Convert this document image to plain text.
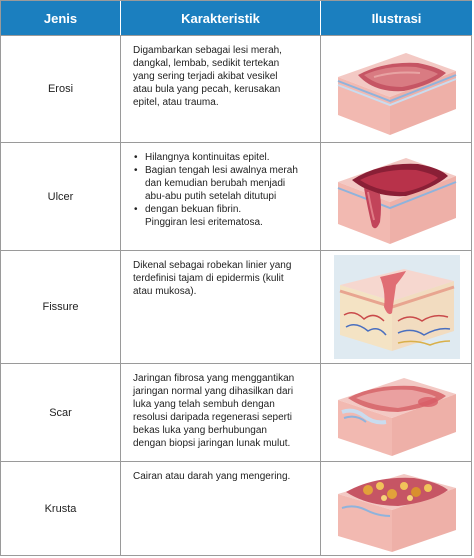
Jenis	Karakteristik	Ilustrasi
Erosi

Digambarkan sebagai lesi merah,
dangkal, lembab, sedikit tertekan
yang sering terjadi akibat vesikel
atau bula yang pecah, kerusakan
epitel, atau trauma.

Ulcer
• Hilangnya kontinuitas epitel.
• Bagian tengah lesi awalnya merah
dan kemudian berubah menjadi
abu-abu putih setelah ditutupi
• dengan bekuan fibrin.
Pinggiran lesi eritematosa.
Fissure

Dikenal sebagai robekan linier yang
terdefinisi tajam di epidermis (kulit
atau mukosa).

Scar

Jaringan fibrosa yang menggantikan
jaringan normal yang dihasilkan dari
luka yang telah sembuh dengan
resolusi daripada regenerasi seperti
bekas luka yang berhubungan
dengan biopsi jaringan lunak mulut.

Krusta

Cairan atau darah yang mengering.
